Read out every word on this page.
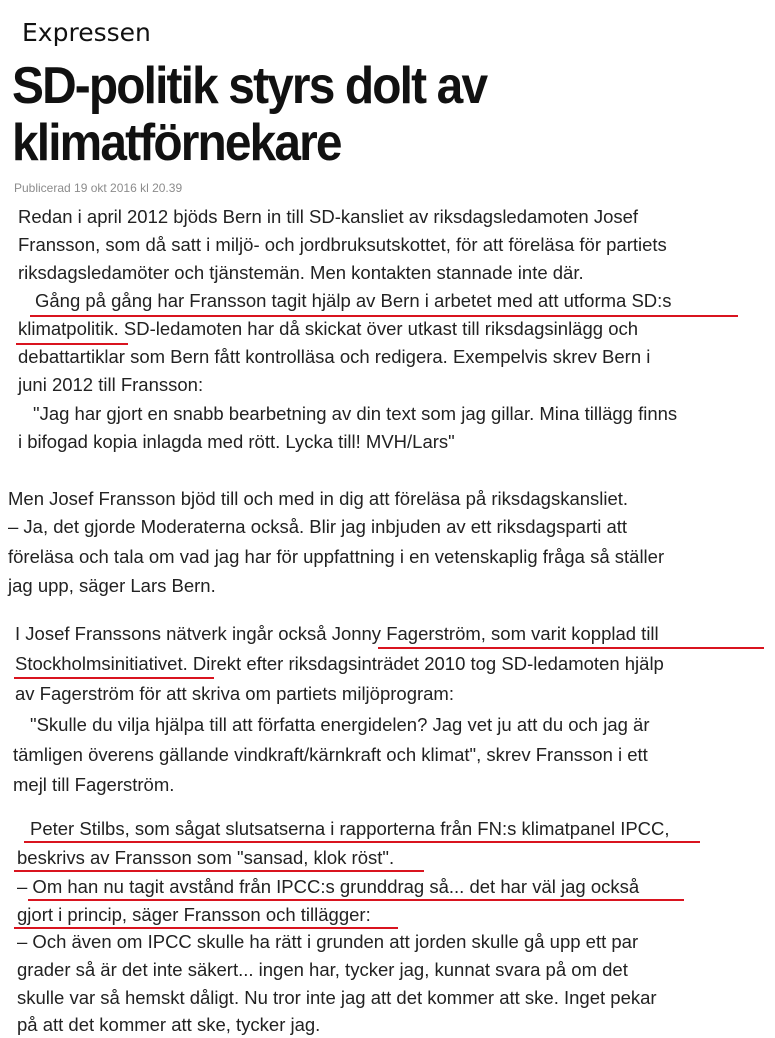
Expressen
SD-politik styrs dolt av
klimatförnekare
Publicerad 19 okt 2016 kl 20.39
Redan i april 2012 bjöds Bern in till SD-kansliet av riksdagsledamoten Josef
Fransson, som då satt i miljö- och jordbruksutskottet, för att föreläsa för partiets
riksdagsledamöter och tjänstemän. Men kontakten stannade inte där.
Gång på gång har Fransson tagit hjälp av Bern i arbetet med att utforma SD:s
klimatpolitik. SD-ledamoten har då skickat över utkast till riksdagsinlägg och
debattartiklar som Bern fått kontrolläsa och redigera. Exempelvis skrev Bern i
juni 2012 till Fransson:
"Jag har gjort en snabb bearbetning av din text som jag gillar. Mina tillägg finns
i bifogad kopia inlagda med rött. Lycka till! MVH/Lars"
Men Josef Fransson bjöd till och med in dig att föreläsa på riksdagskansliet.
– Ja, det gjorde Moderaterna också. Blir jag inbjuden av ett riksdagsparti att
föreläsa och tala om vad jag har för uppfattning i en vetenskaplig fråga så ställer
jag upp, säger Lars Bern.
I Josef Franssons nätverk ingår också Jonny Fagerström, som varit kopplad till
Stockholmsinitiativet. Direkt efter riksdagsinträdet 2010 tog SD-ledamoten hjälp
av Fagerström för att skriva om partiets miljöprogram:
"Skulle du vilja hjälpa till att författa energidelen? Jag vet ju att du och jag är
tämligen överens gällande vindkraft/kärnkraft och klimat", skrev Fransson i ett
mejl till Fagerström.
Peter Stilbs, som sågat slutsatserna i rapporterna från FN:s klimatpanel IPCC,
beskrivs av Fransson som "sansad, klok röst".
– Om han nu tagit avstånd från IPCC:s grunddrag så... det har väl jag också
gjort i princip, säger Fransson och tillägger:
– Och även om IPCC skulle ha rätt i grunden att jorden skulle gå upp ett par
grader så är det inte säkert... ingen har, tycker jag, kunnat svara på om det
skulle var så hemskt dåligt. Nu tror inte jag att det kommer att ske. Inget pekar
på att det kommer att ske, tycker jag.
